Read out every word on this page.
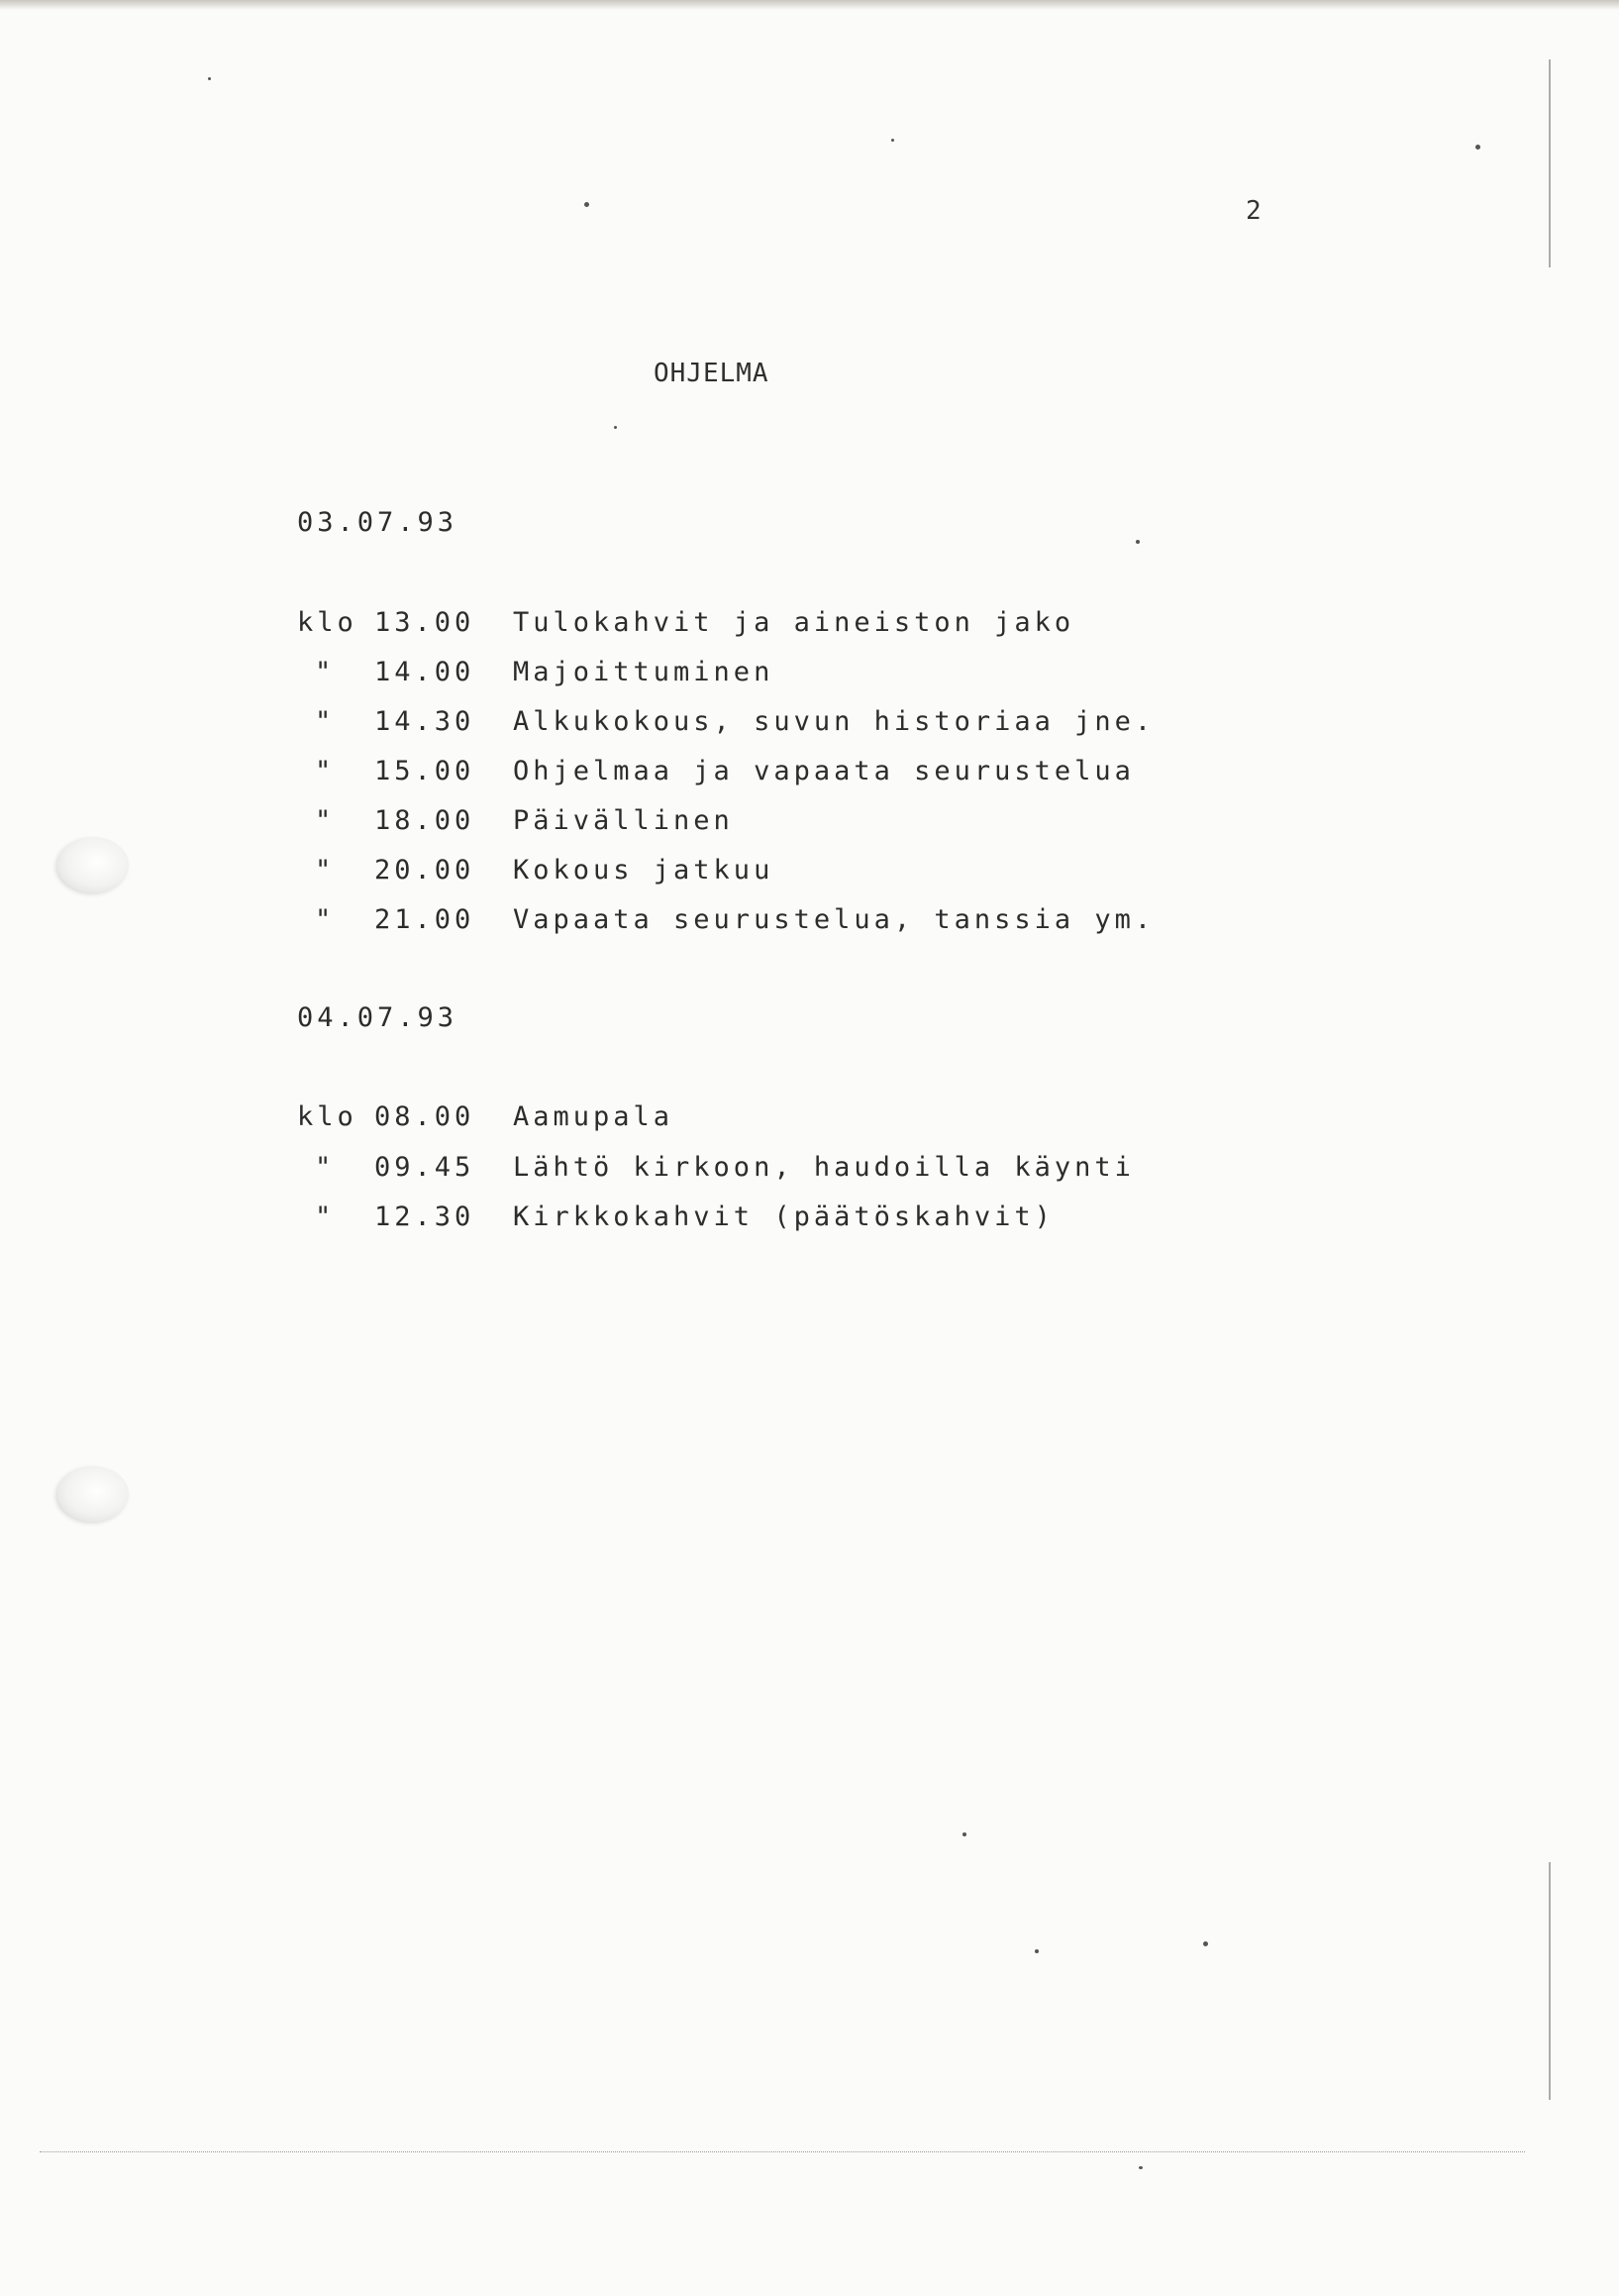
2
OHJELMA
03.07.93
klo 13.00 Tulokahvit ja aineiston jako
" 14.00 Majoittuminen
" 14.30 Alkukokous, suvun historiaa jne.
" 15.00 Ohjelmaa ja vapaata seurustelua
" 18.00 Päivällinen
" 20.00 Kokous jatkuu
" 21.00 Vapaata seurustelua, tanssia ym.
04.07.93
klo 08.00 Aamupala
" 09.45 Lähtö kirkoon, haudoilla käynti
" 12.30 Kirkkokahvit (päätöskahvit)
